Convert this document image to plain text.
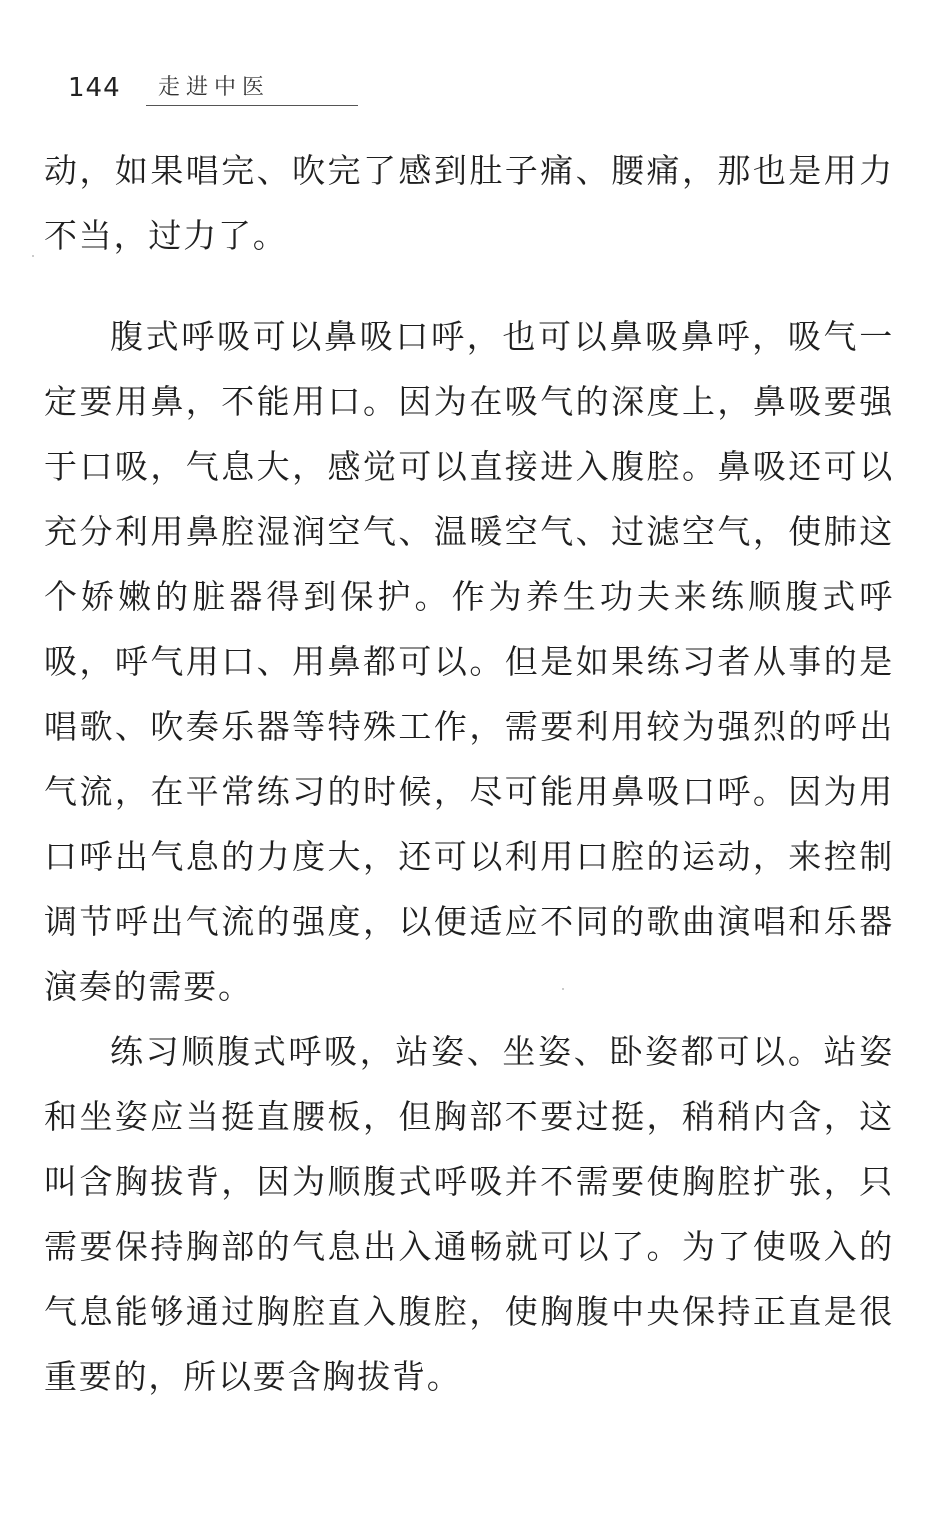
144 走进中医

动，如果唱完、吹完了感到肚子痛、腰痛，那也是用力不当，过力了。

腹式呼吸可以鼻吸口呼，也可以鼻吸鼻呼，吸气一定要用鼻，不能用口。因为在吸气的深度上，鼻吸要强于口吸，气息大，感觉可以直接进入腹腔。鼻吸还可以充分利用鼻腔湿润空气、温暖空气、过滤空气，使肺这个娇嫩的脏器得到保护。作为养生功夫来练顺腹式呼吸，呼气用口、用鼻都可以。但是如果练习者从事的是唱歌、吹奏乐器等特殊工作，需要利用较为强烈的呼出气流，在平常练习的时候，尽可能用鼻吸口呼。因为用口呼出气息的力度大，还可以利用口腔的运动，来控制调节呼出气流的强度，以便适应不同的歌曲演唱和乐器演奏的需要。

练习顺腹式呼吸，站姿、坐姿、卧姿都可以。站姿和坐姿应当挺直腰板，但胸部不要过挺，稍稍内含，这叫含胸拔背，因为顺腹式呼吸并不需要使胸腔扩张，只需要保持胸部的气息出入通畅就可以了。为了使吸入的气息能够通过胸腔直入腹腔，使胸腹中央保持正直是很重要的，所以要含胸拔背。
